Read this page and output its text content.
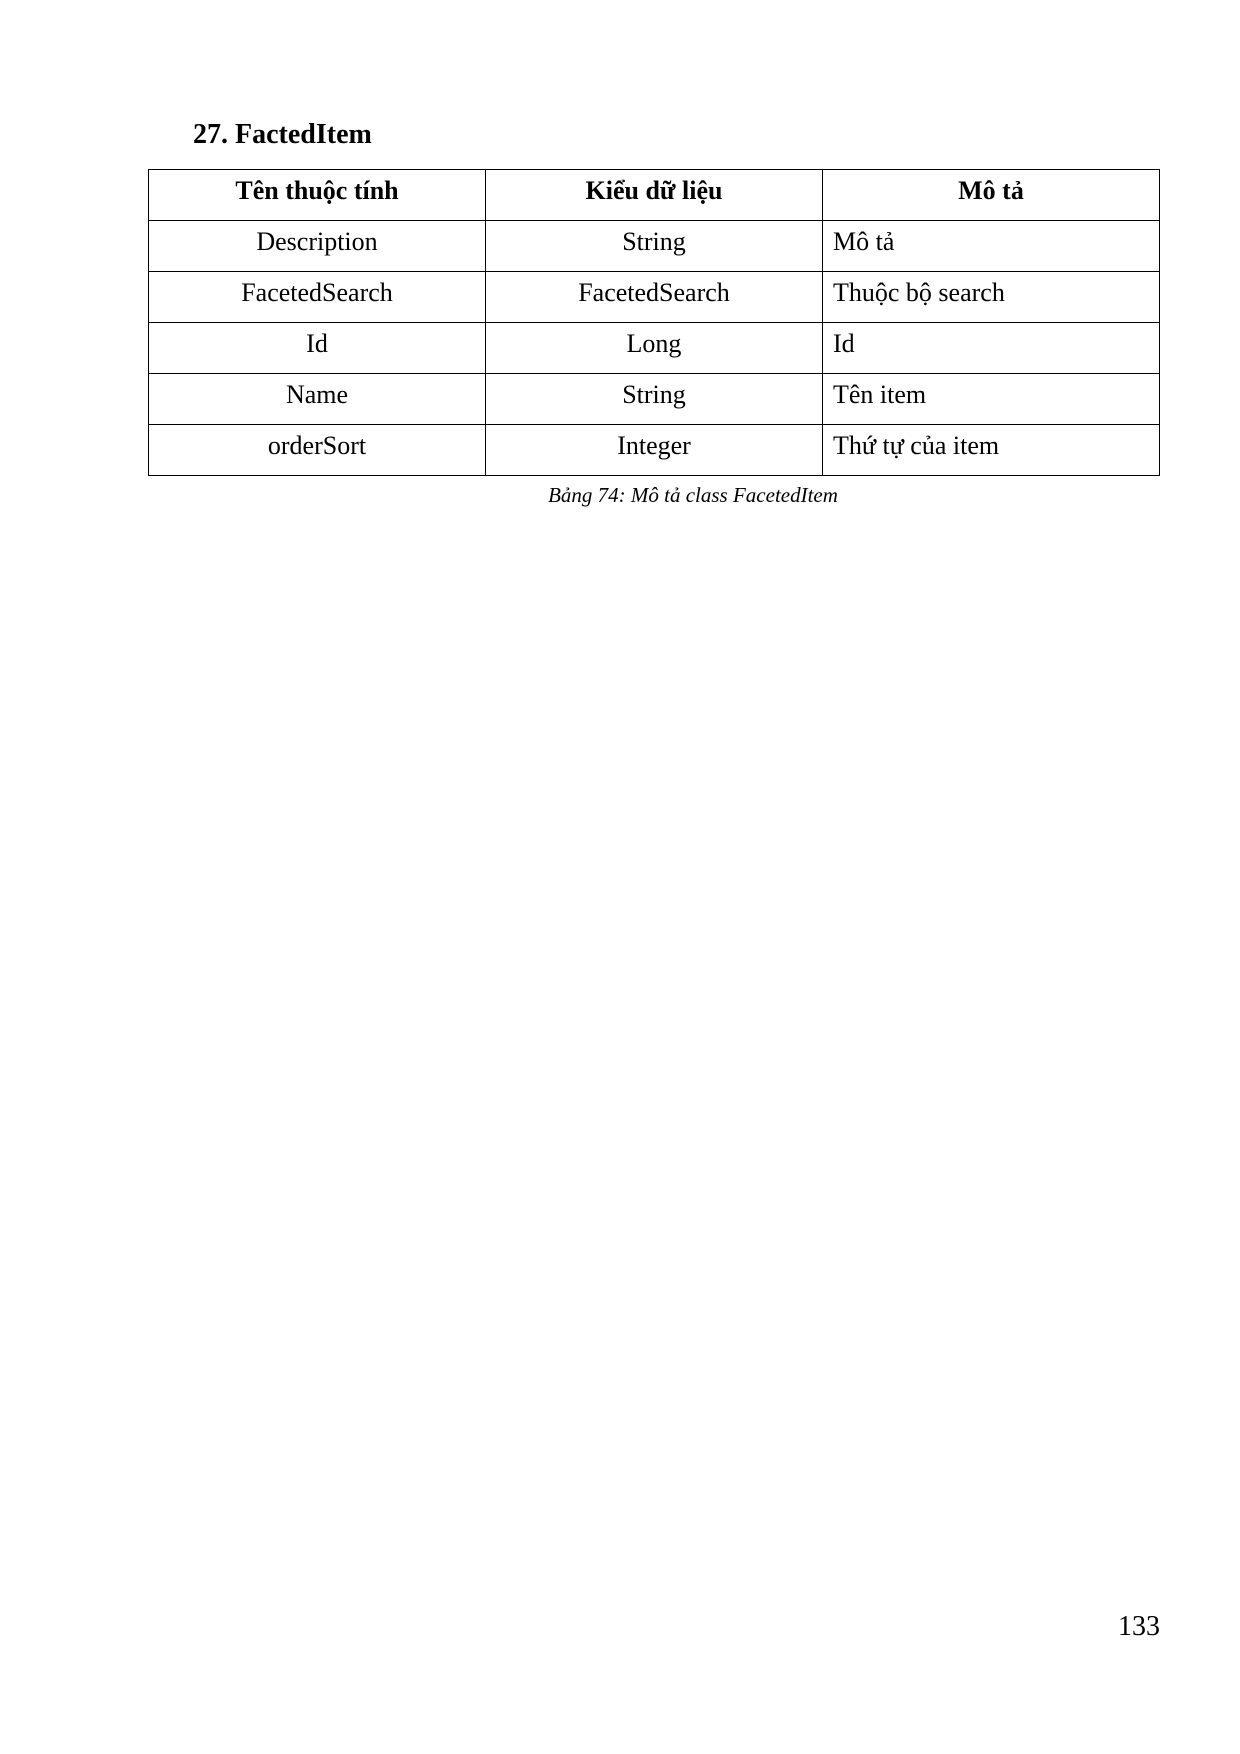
27. FactedItem
Tên thuộc tính	Kiểu dữ liệu	Mô tả
Description	String	Mô tả
FacetedSearch	FacetedSearch	Thuộc bộ search
Id	Long	Id
Name	String	Tên item
orderSort	Integer	Thứ tự của item
Bảng 74: Mô tả class FacetedItem
133
